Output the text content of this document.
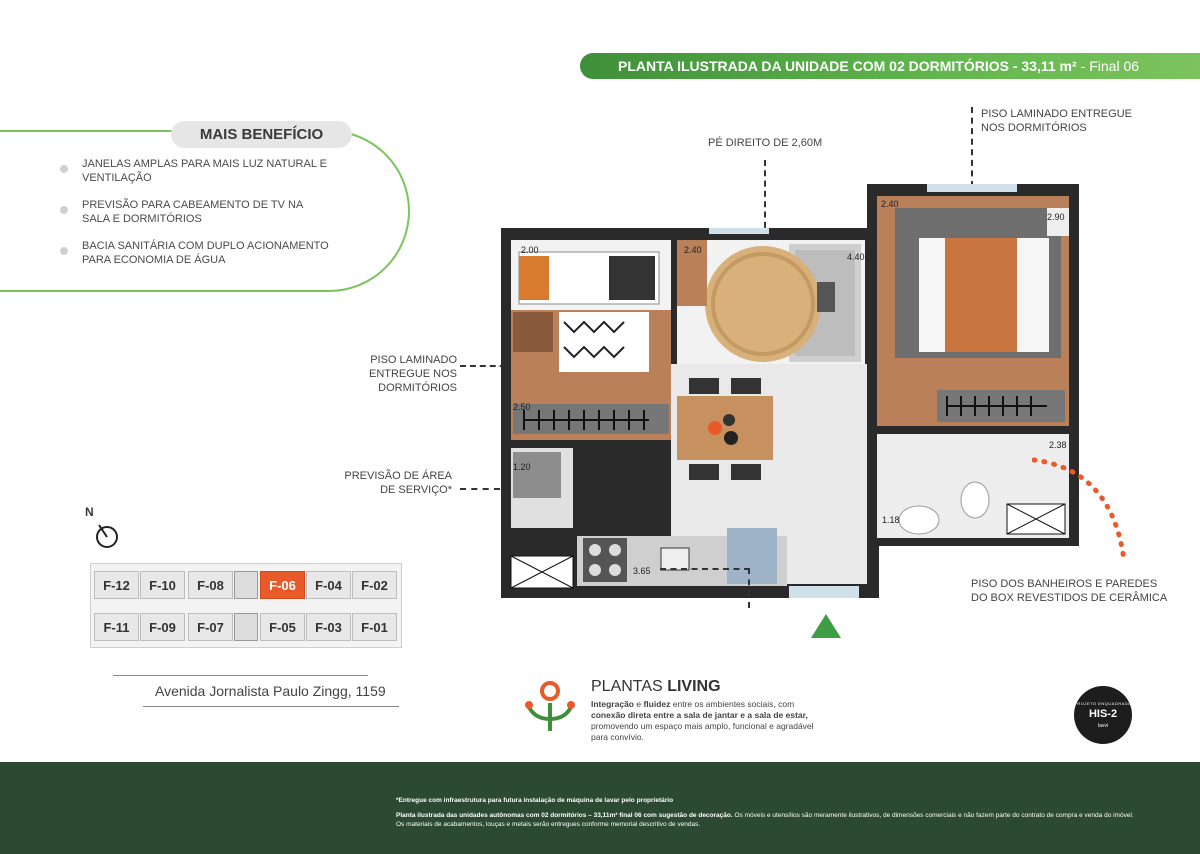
PLANTA ILUSTRADA DA UNIDADE COM 02 DORMITÓRIOS - 33,11 m² - Final 06
MAIS BENEFÍCIO
JANELAS AMPLAS PARA MAIS LUZ NATURAL E VENTILAÇÃO
PREVISÃO PARA CABEAMENTO DE TV NA SALA E DORMITÓRIOS
BACIA SANITÁRIA COM DUPLO ACIONAMENTO PARA ECONOMIA DE ÁGUA
PÉ DIREITO DE 2,60M
PISO LAMINADO ENTREGUE NOS DORMITÓRIOS
PISO LAMINADO ENTREGUE NOS DORMITÓRIOS
PREVISÃO DE ÁREA DE SERVIÇO*
PISO DOS BANHEIROS E PAREDES DO BOX REVESTIDOS DE CERÂMICA
2.00	2.40
4.40
2.40
2.90
2.50
1.20
2.38
1.18
3.65
N
F-12	F-10	F-08	F-06	F-04	F-02
F-11	F-09	F-07	F-05	F-03	F-01
Avenida Jornalista Paulo Zingg, 1159	PLANTAS LIVING
Integração e fluidez entre os ambientes sociais, com
conexão direta entre a sala de jantar e a sala de estar,
promovendo um espaço mais amplo, funcional e agradável para convívio.
PROJETO ENQUADRADO
HIS-2
lavvi
*Entregue com infraestrutura para futura instalação de máquina de lavar pelo proprietário
Planta ilustrada das unidades autônomas com 02 dormitórios – 33,11m² final 06 com sugestão de decoração. Os móveis e utensílios são meramente ilustrativos, de dimensões comerciais e não fazem parte do contrato de compra e venda do imóvel. Os materiais de acabamentos, louças e metais serão entregues conforme memorial descritivo de vendas.
